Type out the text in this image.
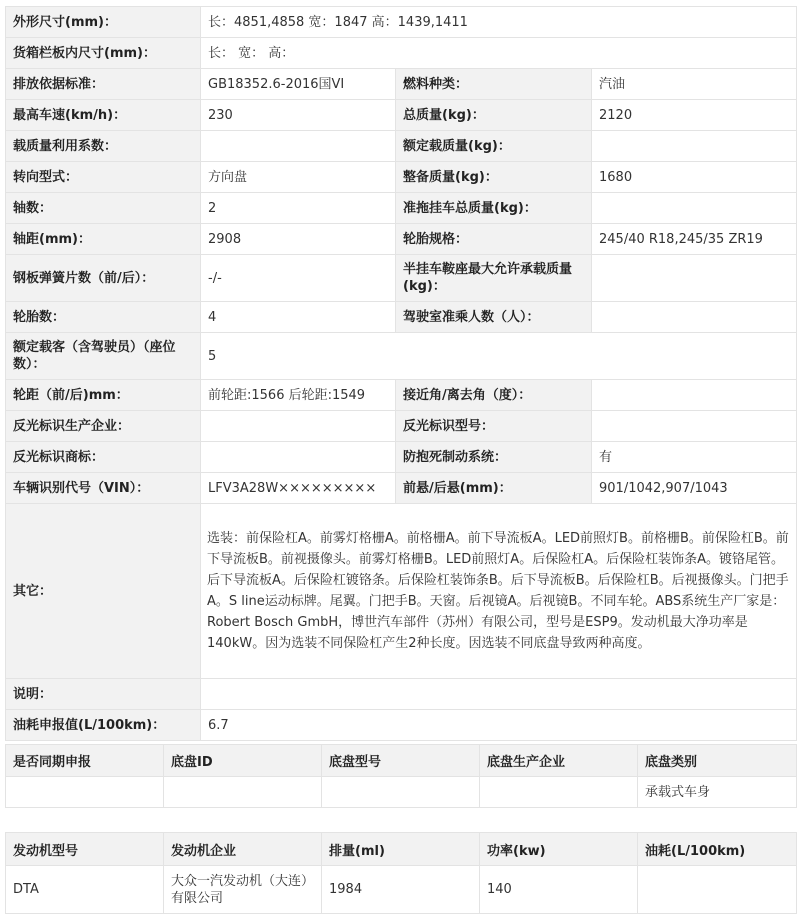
外形尺寸(mm)：	长：4851,4858 宽：1847 高：1439,1411		
货箱栏板内尺寸(mm)：	长： 宽： 高：		
排放依据标准：	GB18352.6-2016国VI	燃料种类：	汽油
最高车速(km/h)：	230	总质量(kg)：	2120
载质量利用系数：		额定载质量(kg)：	
转向型式：	方向盘	整备质量(kg)：	1680
轴数：	2	准拖挂车总质量(kg)：	
轴距(mm)：	2908	轮胎规格：	245/40 R18,245/35 ZR19
钢板弹簧片数（前/后）：	-/-	半挂车鞍座最大允许承载质量(kg)：	
轮胎数：	4	驾驶室准乘人数（人）：	
额定载客（含驾驶员）（座位数）：	5		
轮距（前/后)mm：	前轮距:1566 后轮距:1549	接近角/离去角（度）：	
反光标识生产企业：		反光标识型号：	
反光标识商标：		防抱死制动系统：	有
车辆识别代号（VIN）：	LFV3A28W×××××××××	前悬/后悬(mm)：	901/1042,907/1043
其它：	选装：前保险杠A。前雾灯格栅A。前格栅A。前下导流板A。LED前照灯B。前格栅B。前保险杠B。前下导流板B。前视摄像头。前雾灯格栅B。LED前照灯A。后保险杠A。后保险杠装饰条A。镀铬尾管。后下导流板A。后保险杠镀铬条。后保险杠装饰条B。后下导流板B。后保险杠B。后视摄像头。门把手A。S line运动标牌。尾翼。门把手B。天窗。后视镜A。后视镜B。不同车轮。ABS系统生产厂家是：Robert Bosch GmbH，博世汽车部件（苏州）有限公司，型号是ESP9。发动机最大净功率是140kW。因为选装不同保险杠产生2种长度。因选装不同底盘导致两种高度。		
说明：			
油耗申报值(L/100km)：	6.7		
是否同期申报	底盘ID	底盘型号	底盘生产企业	底盘类别
				承载式车身
发动机型号	发动机企业	排量(ml)	功率(kw)	油耗(L/100km)
DTA	大众一汽发动机（大连）有限公司	1984	140	
